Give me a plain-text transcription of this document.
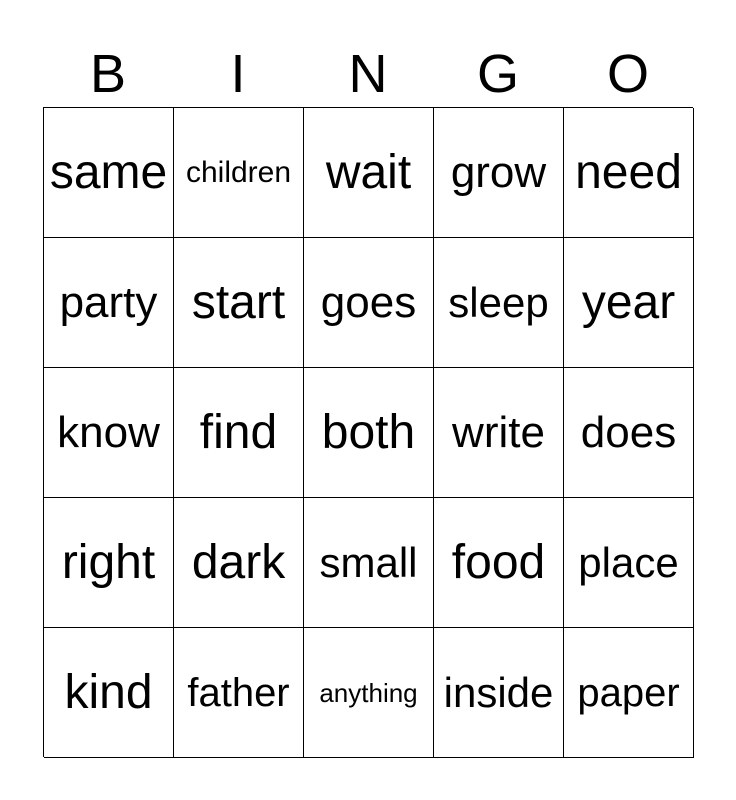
B	I	N	G	O
same children wait grow need
party start goes sleep year
know find both write does
right dark small food place
kind father	anything inside paper
